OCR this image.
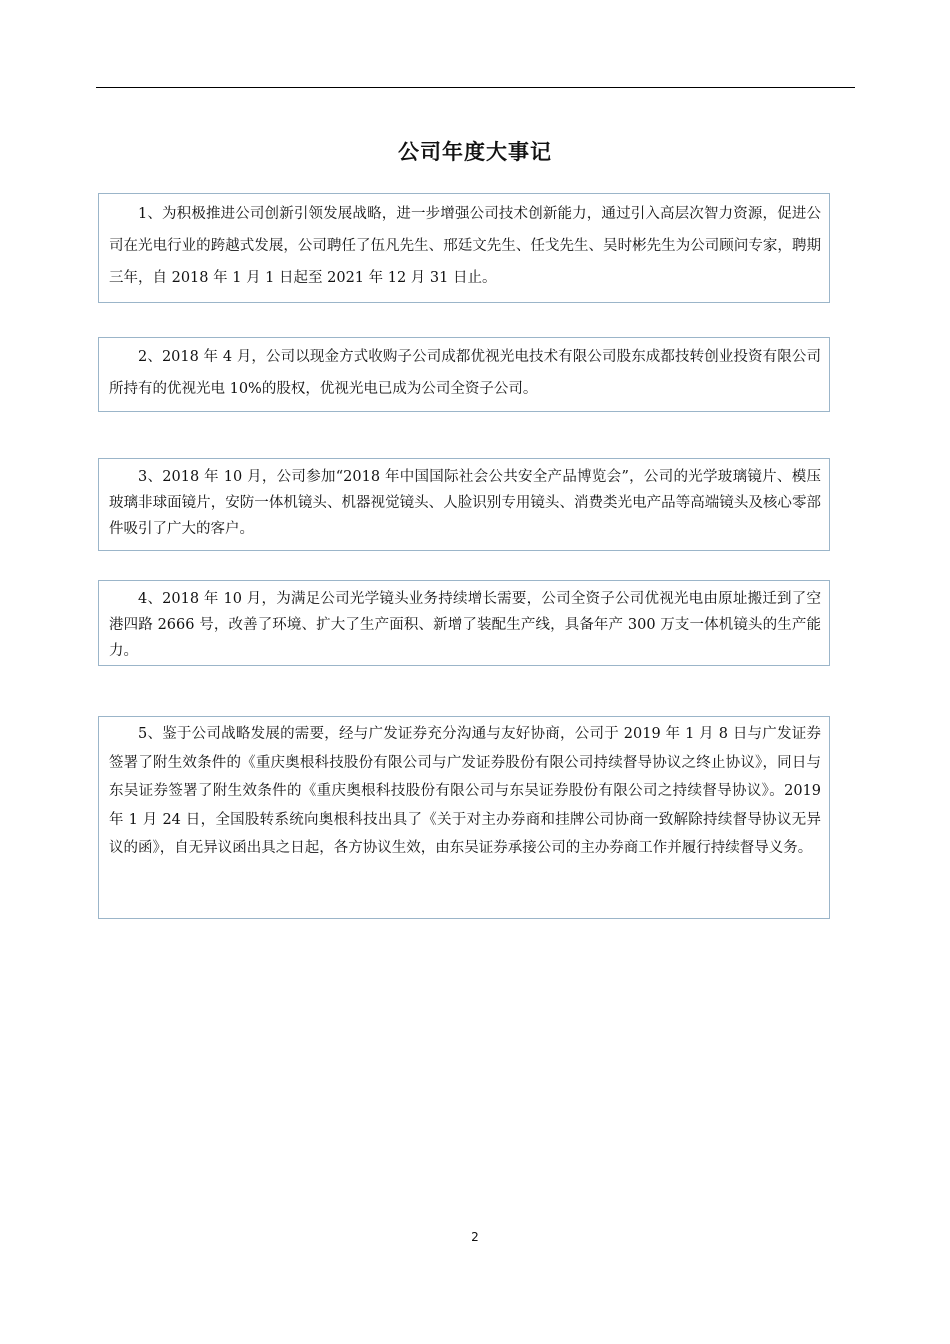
公司年度大事记
1、为积极推进公司创新引领发展战略，进一步增强公司技术创新能力，通过引入高层次智力资源，促进公司在光电行业的跨越式发展，公司聘任了伍凡先生、邢廷文先生、任戈先生、吴时彬先生为公司顾问专家，聘期三年，自 2018 年 1 月 1 日起至 2021 年 12 月 31 日止。
2、2018 年 4 月，公司以现金方式收购子公司成都优视光电技术有限公司股东成都技转创业投资有限公司所持有的优视光电 10%的股权，优视光电已成为公司全资子公司。
3、2018 年 10 月，公司参加“2018 年中国国际社会公共安全产品博览会”，公司的光学玻璃镜片、模压玻璃非球面镜片，安防一体机镜头、机器视觉镜头、人脸识别专用镜头、消费类光电产品等高端镜头及核心零部件吸引了广大的客户。
4、2018 年 10 月，为满足公司光学镜头业务持续增长需要，公司全资子公司优视光电由原址搬迁到了空港四路 2666 号，改善了环境、扩大了生产面积、新增了装配生产线，具备年产 300 万支一体机镜头的生产能力。
5、鉴于公司战略发展的需要，经与广发证券充分沟通与友好协商，公司于 2019 年 1 月 8 日与广发证券签署了附生效条件的《重庆奥根科技股份有限公司与广发证券股份有限公司持续督导协议之终止协议》，同日与东吴证券签署了附生效条件的《重庆奥根科技股份有限公司与东吴证券股份有限公司之持续督导协议》。2019 年 1 月 24 日，全国股转系统向奥根科技出具了《关于对主办券商和挂牌公司协商一致解除持续督导协议无异议的函》，自无异议函出具之日起，各方协议生效，由东吴证券承接公司的主办券商工作并履行持续督导义务。
2
